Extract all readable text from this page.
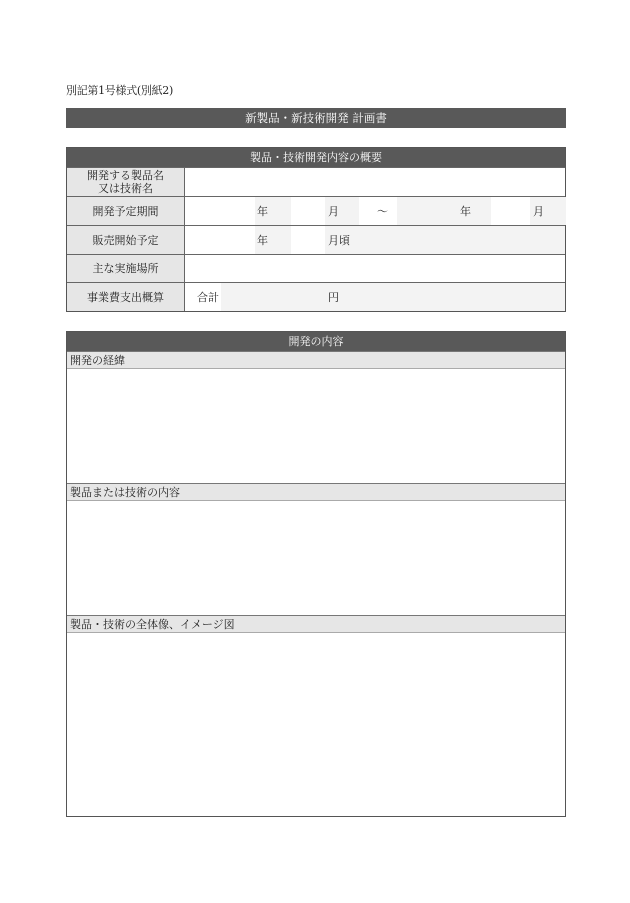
別記第1号様式(別紙2)
新製品・新技術開発 計画書
製品・技術開発内容の概要
開発する製品名
又は技術名
開発予定期間	年	月	～	年	月
販売開始予定	年	月頃
主な実施場所
事業費支出概算	合計	円
開発の内容
開発の経緯
製品または技術の内容
製品・技術の全体像、イメージ図
